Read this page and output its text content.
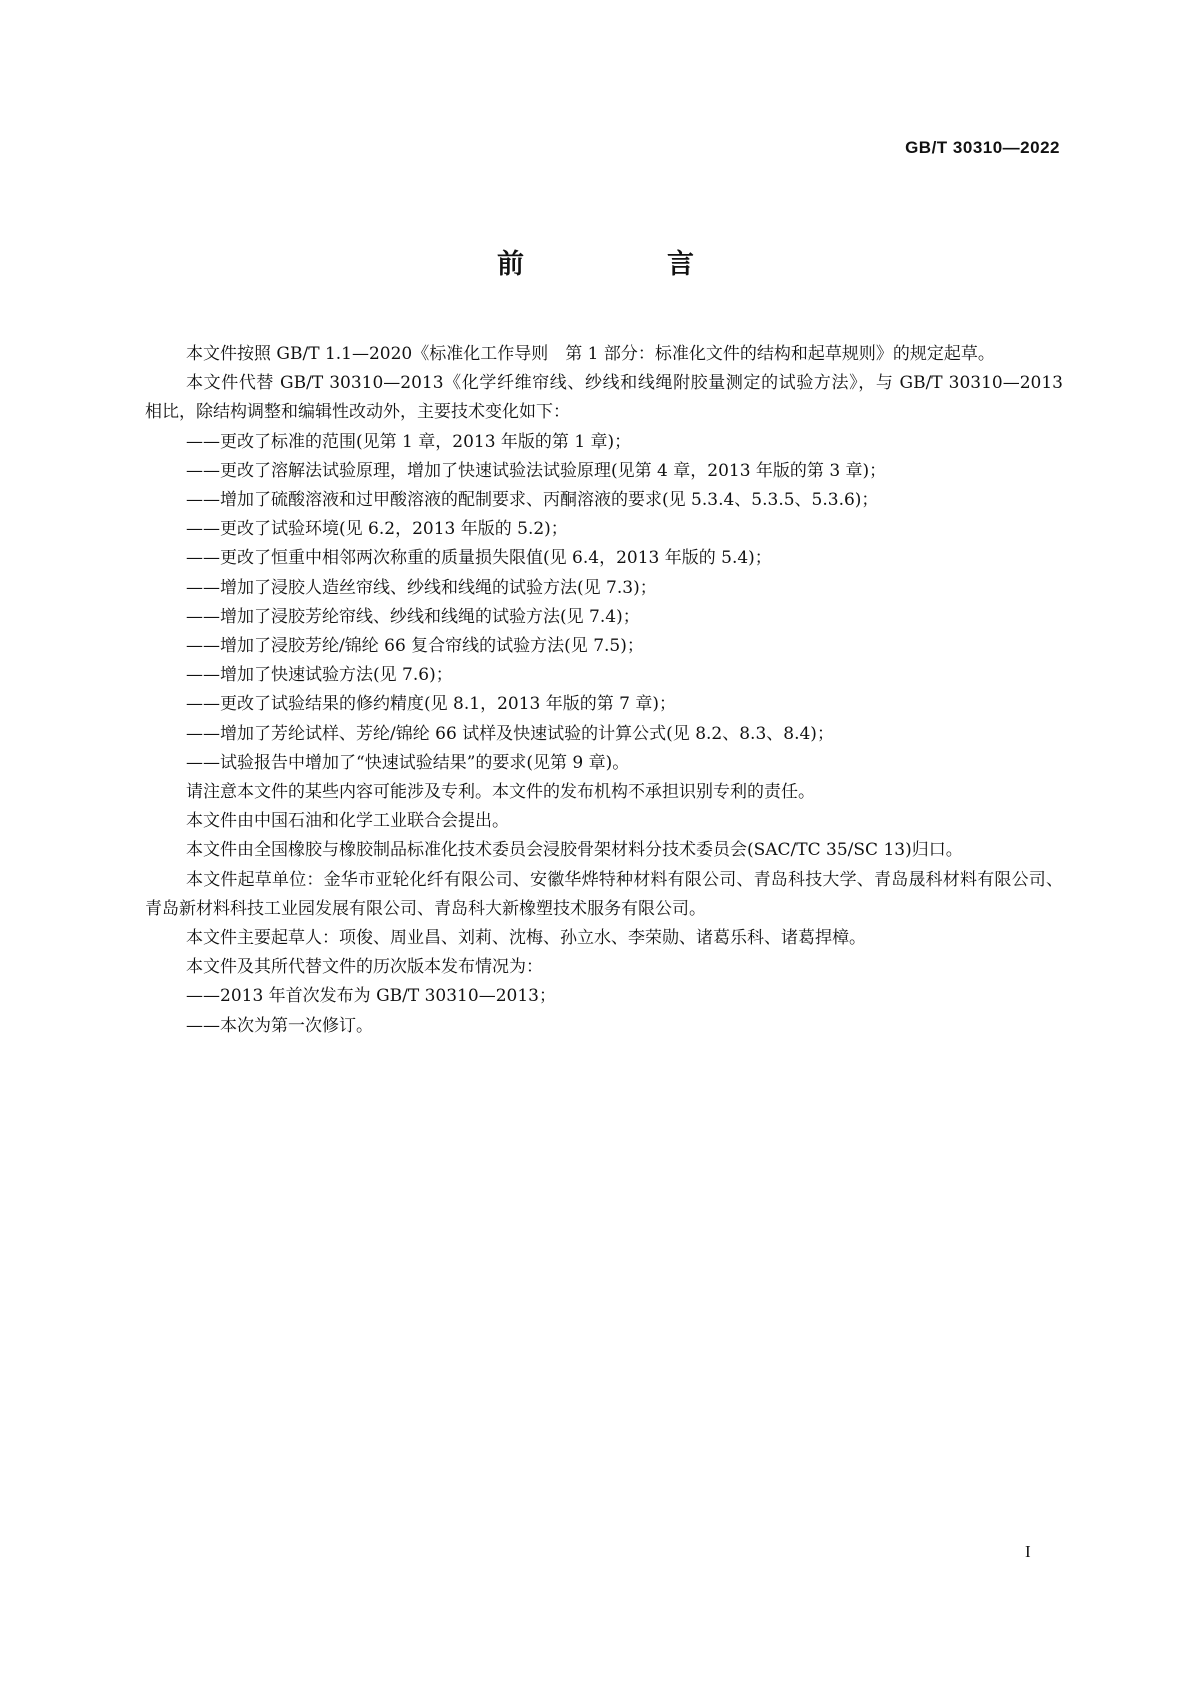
GB/T 30310—2022
前　言

本文件按照 GB/T 1.1—2020《标准化工作导则　第 1 部分：标准化文件的结构和起草规则》的规定起草。

本文件代替 GB/T 30310—2013《化学纤维帘线、纱线和线绳附胶量测定的试验方法》，与 GB/T 30310—2013 相比，除结构调整和编辑性改动外，主要技术变化如下：

——更改了标准的范围(见第 1 章，2013 年版的第 1 章)；

——更改了溶解法试验原理，增加了快速试验法试验原理(见第 4 章，2013 年版的第 3 章)；

——增加了硫酸溶液和过甲酸溶液的配制要求、丙酮溶液的要求(见 5.3.4、5.3.5、5.3.6)；

——更改了试验环境(见 6.2，2013 年版的 5.2)；

——更改了恒重中相邻两次称重的质量损失限值(见 6.4，2013 年版的 5.4)；

——增加了浸胶人造丝帘线、纱线和线绳的试验方法(见 7.3)；

——增加了浸胶芳纶帘线、纱线和线绳的试验方法(见 7.4)；

——增加了浸胶芳纶/锦纶 66 复合帘线的试验方法(见 7.5)；

——增加了快速试验方法(见 7.6)；

——更改了试验结果的修约精度(见 8.1，2013 年版的第 7 章)；

——增加了芳纶试样、芳纶/锦纶 66 试样及快速试验的计算公式(见 8.2、8.3、8.4)；

——试验报告中增加了“快速试验结果”的要求(见第 9 章)。

请注意本文件的某些内容可能涉及专利。本文件的发布机构不承担识别专利的责任。

本文件由中国石油和化学工业联合会提出。

本文件由全国橡胶与橡胶制品标准化技术委员会浸胶骨架材料分技术委员会(SAC/TC 35/SC 13)归口。

本文件起草单位：金华市亚轮化纤有限公司、安徽华烨特种材料有限公司、青岛科技大学、青岛晟科材料有限公司、青岛新材料科技工业园发展有限公司、青岛科大新橡塑技术服务有限公司。

本文件主要起草人：项俊、周业昌、刘莉、沈梅、孙立水、李荣勋、诸葛乐科、诸葛捍樟。

本文件及其所代替文件的历次版本发布情况为：

——2013 年首次发布为 GB/T 30310—2013；

——本次为第一次修订。

I
